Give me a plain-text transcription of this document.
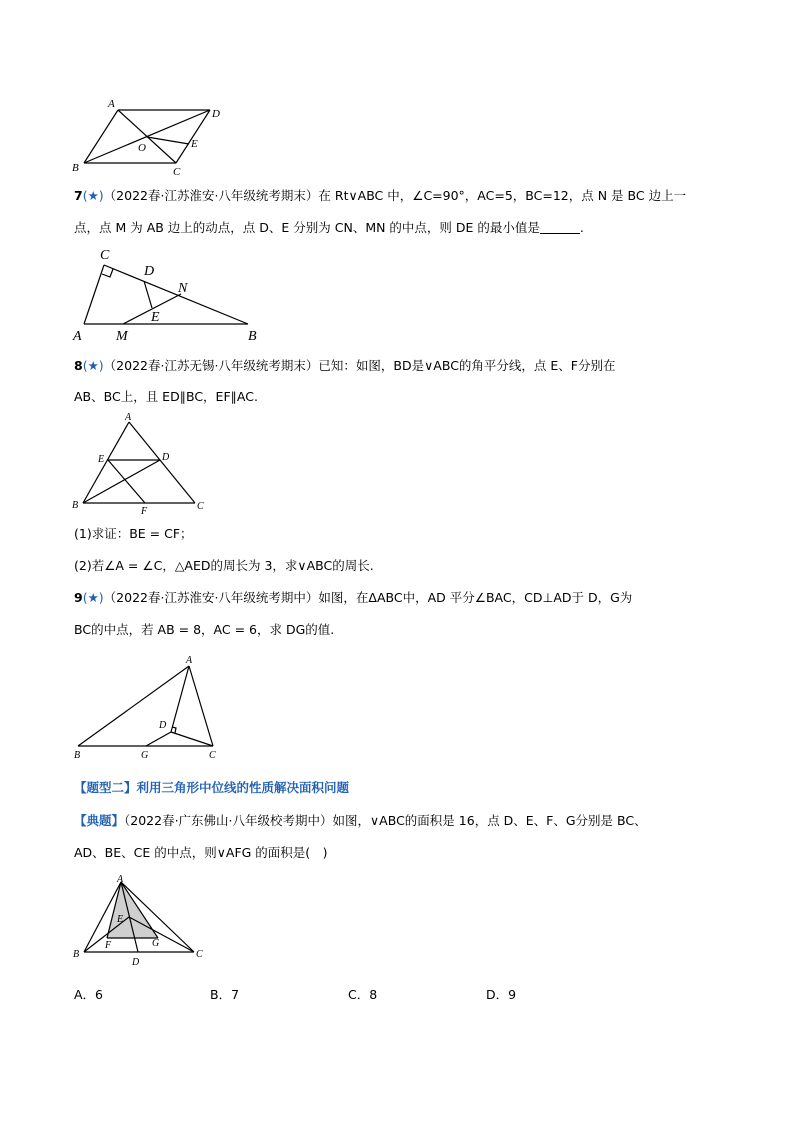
A
D
B
O
C
E
7(★)（2022春·江苏淮安·八年级统考期末）在 Rt∨ABC 中，∠C=90°，AC=5，BC=12，点 N 是 BC 边上一
点，点 M 为 AB 边上的动点，点 D、E 分别为 CN、MN 的中点，则 DE 的最小值是	.
C
D
N
E
A M	B
8(★)（2022春·江苏无锡·八年级统考期末）已知：如图，BD是∨ABC的角平分线，点 E、F分别在
AB、BC上，且 ED∥BC，EF∥AC.
A
E	D
B
F	C
(1)求证：BE = CF；
(2)若∠A = ∠C，△AED的周长为 3，求∨ABC的周长.
9(★)（2022春·江苏淮安·八年级统考期中）如图，在ΔABC中，AD 平分∠BAC，CD⊥AD于 D，G为
BC的中点，若 AB = 8，AC = 6，求 DG的值.
A
D
B	G	C
【题型二】利用三角形中位线的性质解决面积问题
【典题】（2022春·广东佛山·八年级校考期中）如图，∨ABC的面积是 16，点 D、E、F、G分别是 BC、
AD、BE、CE 的中点，则∨AFG 的面积是(　)
A
E
F	G
B
D
C
A．6	B．7	C．8	D．9
